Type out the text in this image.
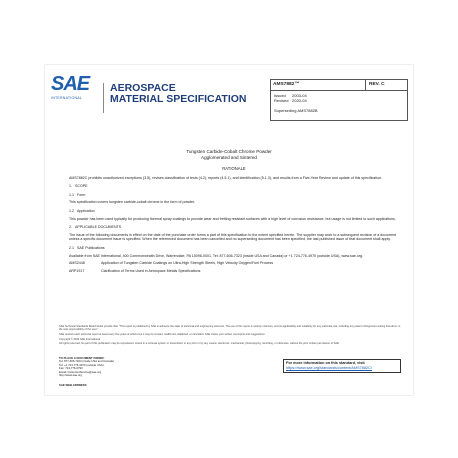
SAE
INTERNATIONAL
AEROSPACE
MATERIAL SPECIFICATION
AMS7882™	REV. C
Issued 2003-04
Revised 2020-04
Superseding AMS7882B
Tungsten Carbide-Cobalt Chrome Powder
Agglomerated and Sintered

RATIONALE

AMS7882C prohibits unauthorized exceptions (3.5), revises classification of tests (4.2), reports (4.5.1), and identification (5.1.3), and results from a Five-Year Review and update of this specification.

1. SCOPE

1.1 Form

This specification covers tungsten carbide-cobalt chrome in the form of powder.

1.2 Application

This powder has been used typically for producing thermal spray coatings to provide wear and fretting resistant surfaces with a high level of corrosion resistance, but usage is not limited to such applications.

2. APPLICABLE DOCUMENTS

The issue of the following documents in effect on the date of the purchase order forms a part of this specification to the extent specified herein. The supplier may work to a subsequent revision of a document unless a specific document issue is specified. When the referenced document has been cancelled and no superseding document has been specified, the last published issue of that document shall apply.

2.1 SAE Publications

Available from SAE International, 400 Commonwealth Drive, Warrendale, PA 15096-0001, Tel: 877-606-7323 (inside USA and Canada) or +1 724-776-4970 (outside USA), www.sae.org.

AMS2448	Application of Tungsten Carbide Coatings on Ultra-High Strength Steels, High Velocity Oxygen/Fuel Process
ARP1917	Clarification of Terms Used in Aerospace Metals Specifications

SAE Technical Standards Board Rules provide that: "This report is published by SAE to advance the state of technical and engineering sciences. The use of this report is entirely voluntary, and its applicability and suitability for any particular use, including any patent infringement arising therefrom, is the sole responsibility of the user."

SAE reviews each technical report at least every five years at which time it may be revised, reaffirmed, stabilized, or cancelled. SAE invites your written comments and suggestions.

Copyright © 2020 SAE International

All rights reserved. No part of this publication may be reproduced, stored in a retrieval system or transmitted, in any form or by any means, electronic, mechanical, photocopying, recording, or otherwise, without the prior written permission of SAE.

TO PLACE A DOCUMENT ORDER:
Tel: 877-606-7323 (inside USA and Canada)
Tel: +1 724-776-4970 (outside USA)
Fax: 724-776-0790
Email: CustomerService@sae.org
http://www.sae.org
For more information on this standard, visit
https://www.sae.org/standards/content/AMS7882C/
SAE WEB ADDRESS:
